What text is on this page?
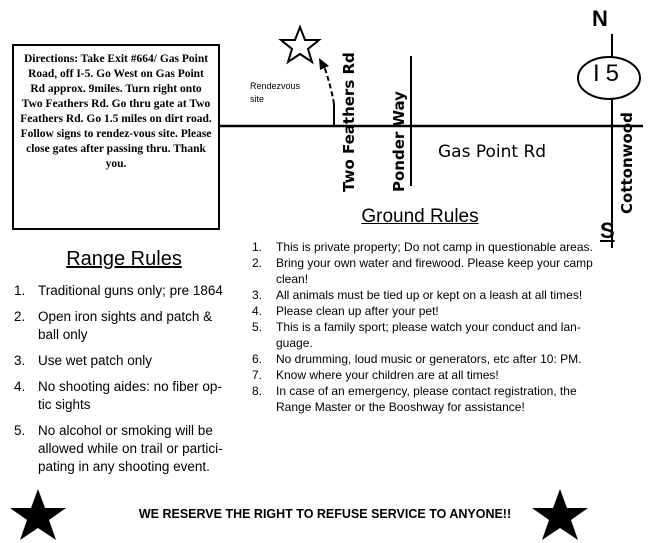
Directions: Take Exit #664/ Gas Point Road, off I-5. Go West on Gas Point Rd approx. 9miles. Turn right onto Two Feathers Rd. Go thru gate at Two Feathers Rd. Go 1.5 miles on dirt road. Follow signs to rendez-vous site. Please close gates after passing thru. Thank you.
Rendezvous site	Two Feathers Rd Ponder Way Gas Point Rd	Cottonwood
I5
N
S
Range Rules
1. Traditional guns only; pre 1864
2. Open iron sights and patch & ball only
3. Use wet patch only
4. No shooting aides: no fiber op-tic sights
5. No alcohol or smoking will be allowed while on trail or partici-pating in any shooting event.
Ground Rules
1.	This is private property; Do not camp in questionable areas.
2.	Bring your own water and firewood. Please keep your camp clean!
3.	All animals must be tied up or kept on a leash at all times!
4.	Please clean up after your pet!
5.	This is a family sport; please watch your conduct and lan-guage.
6.	No drumming, loud music or generators, etc after 10: PM.
7.	Know where your children are at all times!
8.	In case of an emergency, please contact registration, the Range Master or the Booshway for assistance!
WE RESERVE THE RIGHT TO REFUSE SERVICE TO ANYONE!!
